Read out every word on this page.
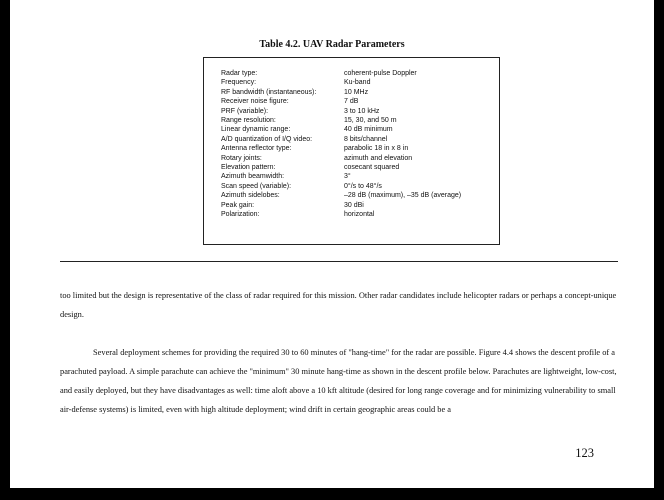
Table 4.2. UAV Radar Parameters
Radar type:	coherent-pulse Doppler
Frequency:	Ku-band
RF bandwidth (instantaneous):	10 MHz
Receiver noise figure:	7 dB
PRF (variable):	3 to 10 kHz
Range resolution:	15, 30, and 50 m
Linear dynamic range:	40 dB minimum
A/D quantization of I/Q video:	8 bits/channel
Antenna reflector type:	parabolic 18 in x 8 in
Rotary joints:	azimuth and elevation
Elevation pattern:	cosecant squared
Azimuth beamwidth:	3°
Scan speed (variable):	0°/s to 48°/s
Azimuth sidelobes:	–28 dB (maximum), –35 dB (average)
Peak gain:	30 dBi
Polarization:	horizontal

too limited but the design is representative of the class of radar required for this mission. Other radar candidates include helicopter radars or perhaps a concept-unique design.

Several deployment schemes for providing the required 30 to 60 minutes of "hang-time" for the radar are possible. Figure 4.4 shows the descent profile of a parachuted payload. A simple parachute can achieve the "minimum" 30 minute hang-time as shown in the descent profile below. Parachutes are lightweight, low-cost, and easily deployed, but they have disadvantages as well: time aloft above a 10 kft altitude (desired for long range coverage and for minimizing vulnerability to small air-defense systems) is limited, even with high altitude deployment; wind drift in certain geographic areas could be a

123
